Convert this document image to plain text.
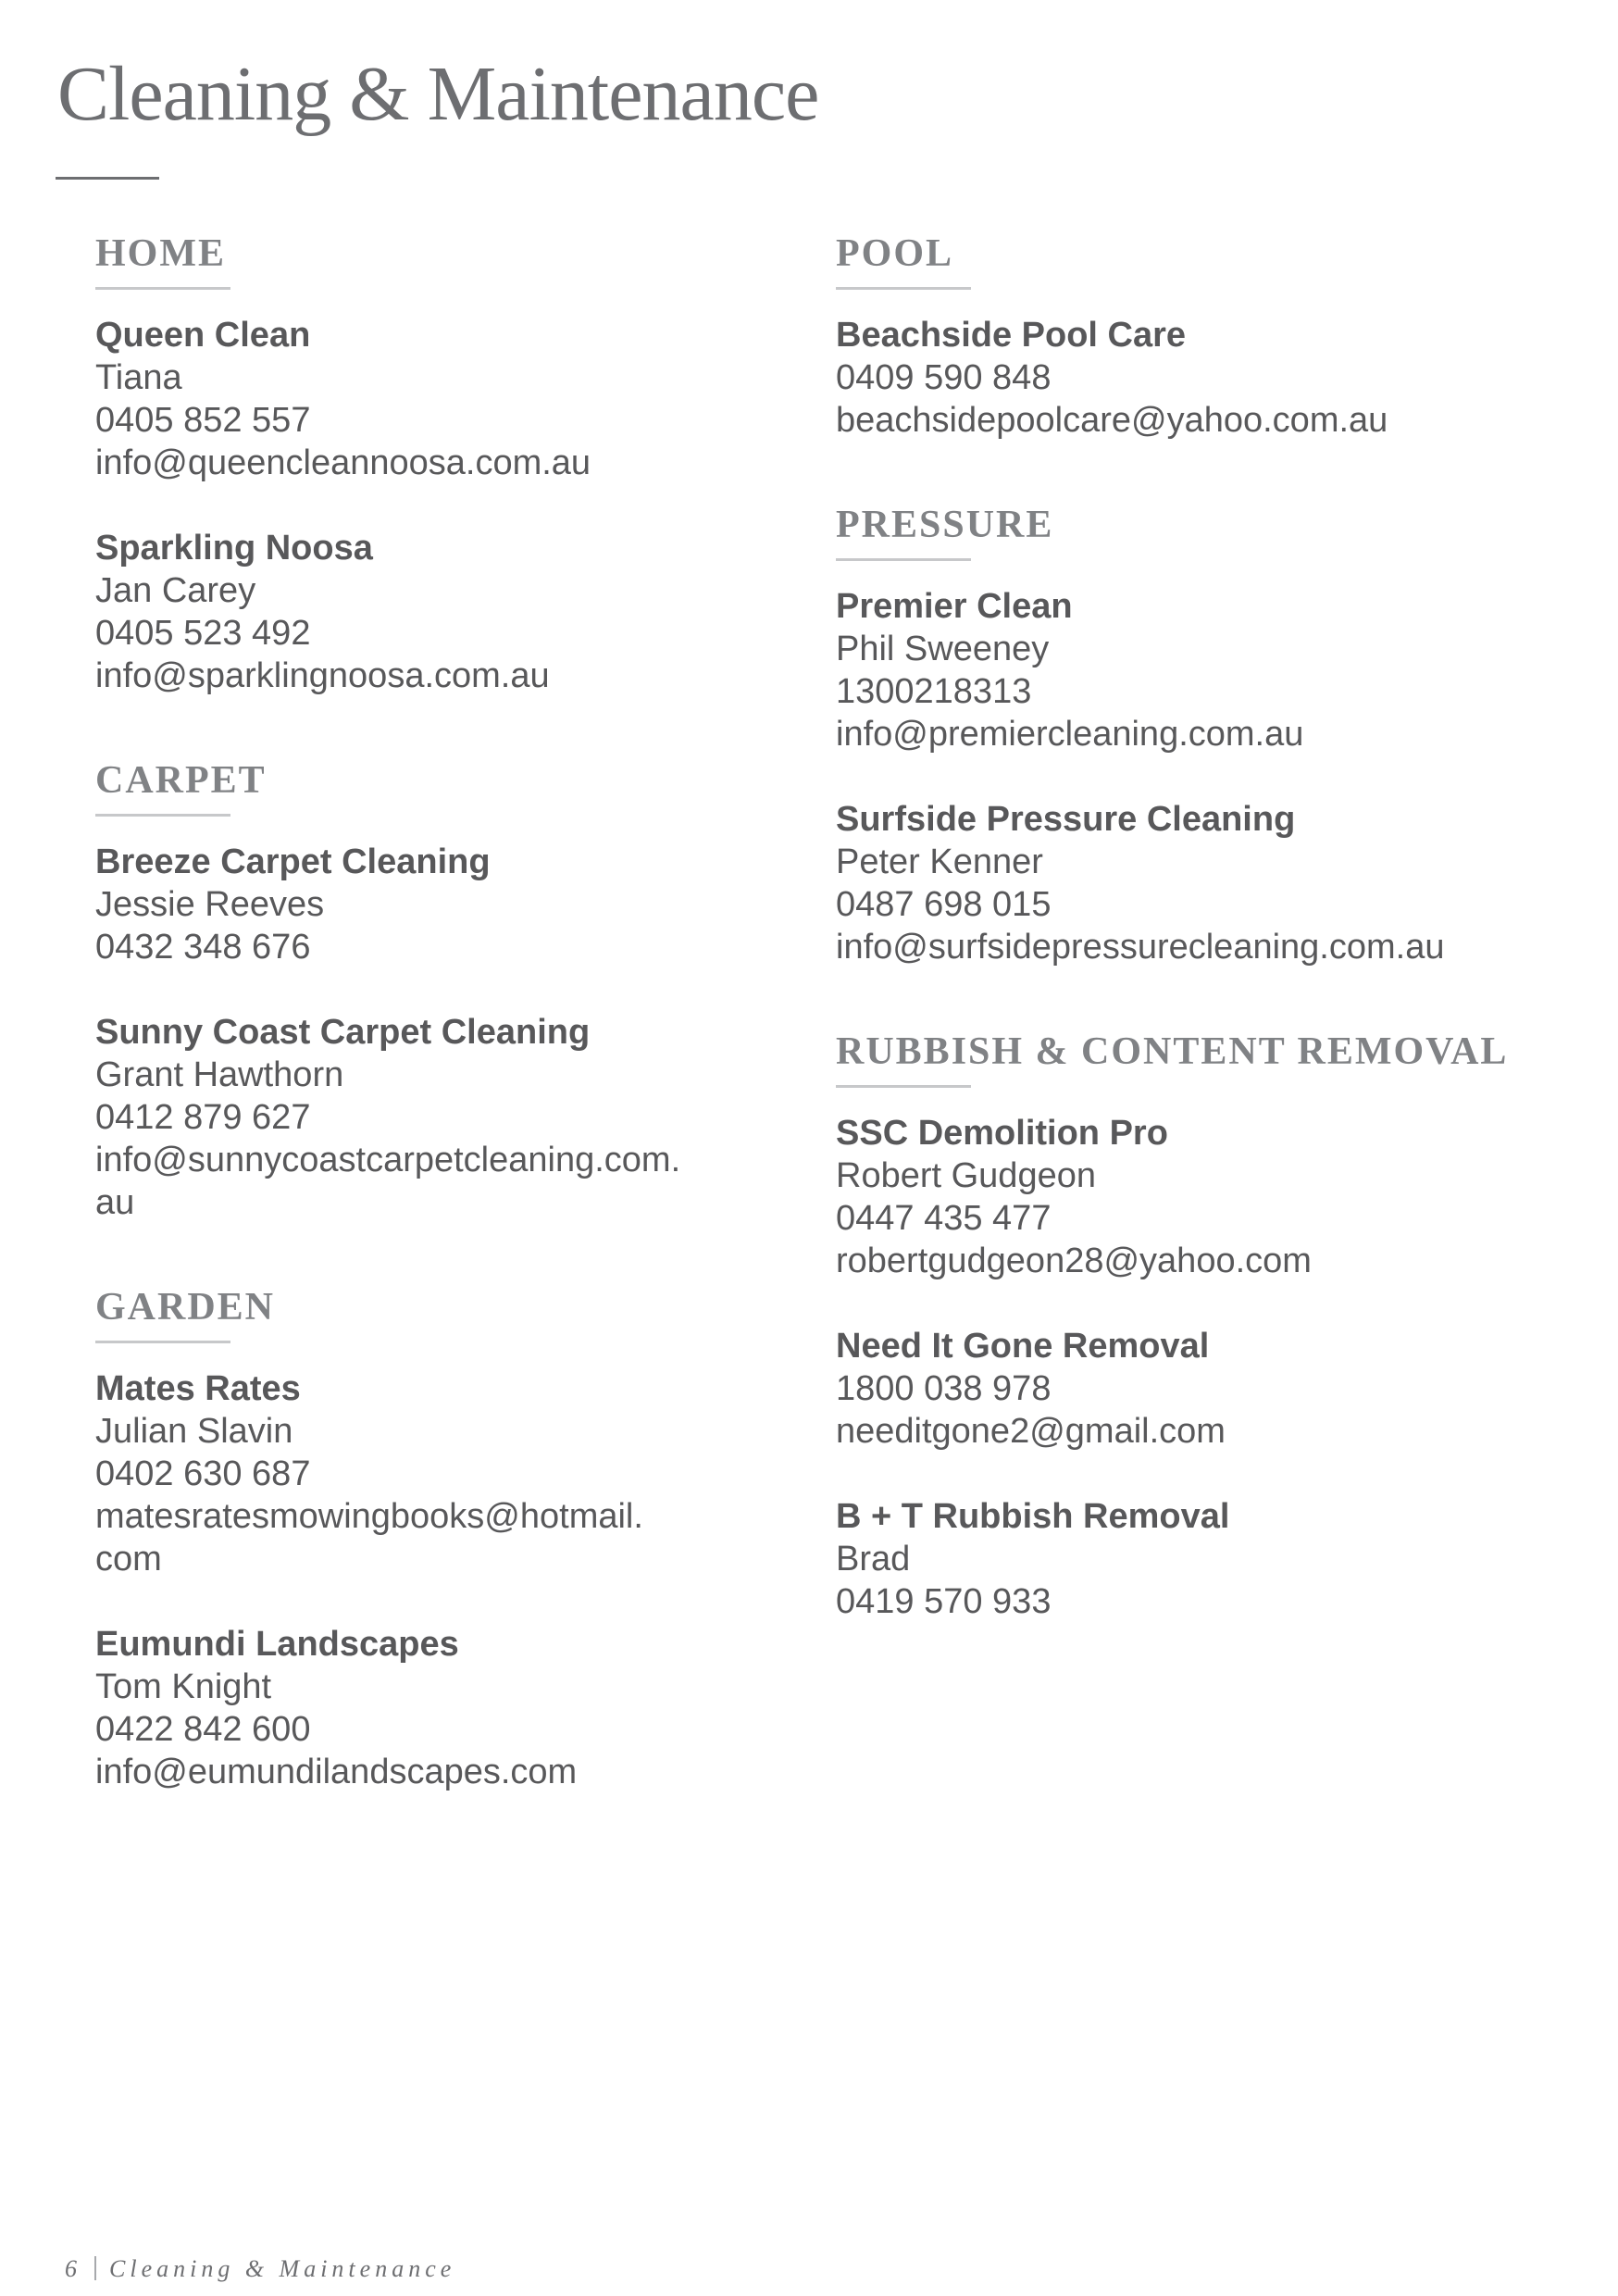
Cleaning & Maintenance
HOME
Queen Clean
Tiana
0405 852 557
info@queencleannoosa.com.au
Sparkling Noosa
Jan Carey
0405 523 492
info@sparklingnoosa.com.au
CARPET
Breeze Carpet Cleaning
Jessie Reeves
0432 348 676
Sunny Coast Carpet Cleaning
Grant Hawthorn
0412 879 627
info@sunnycoastcarpetcleaning.com.
au
GARDEN
Mates Rates
Julian Slavin
0402 630 687
matesratesmowingbooks@hotmail.
com
Eumundi Landscapes
Tom Knight
0422 842 600
info@eumundilandscapes.com
POOL
Beachside Pool Care
0409 590 848
beachsidepoolcare@yahoo.com.au
PRESSURE
Premier Clean
Phil Sweeney
1300218313
info@premiercleaning.com.au
Surfside Pressure Cleaning
Peter Kenner
0487 698 015
info@surfsidepressurecleaning.com.au
RUBBISH & CONTENT REMOVAL
SSC Demolition Pro
Robert Gudgeon
0447 435 477
robertgudgeon28@yahoo.com
Need It Gone Removal
1800 038 978
needitgone2@gmail.com
B + T Rubbish Removal
Brad
0419 570 933
6 Cleaning & Maintenance
